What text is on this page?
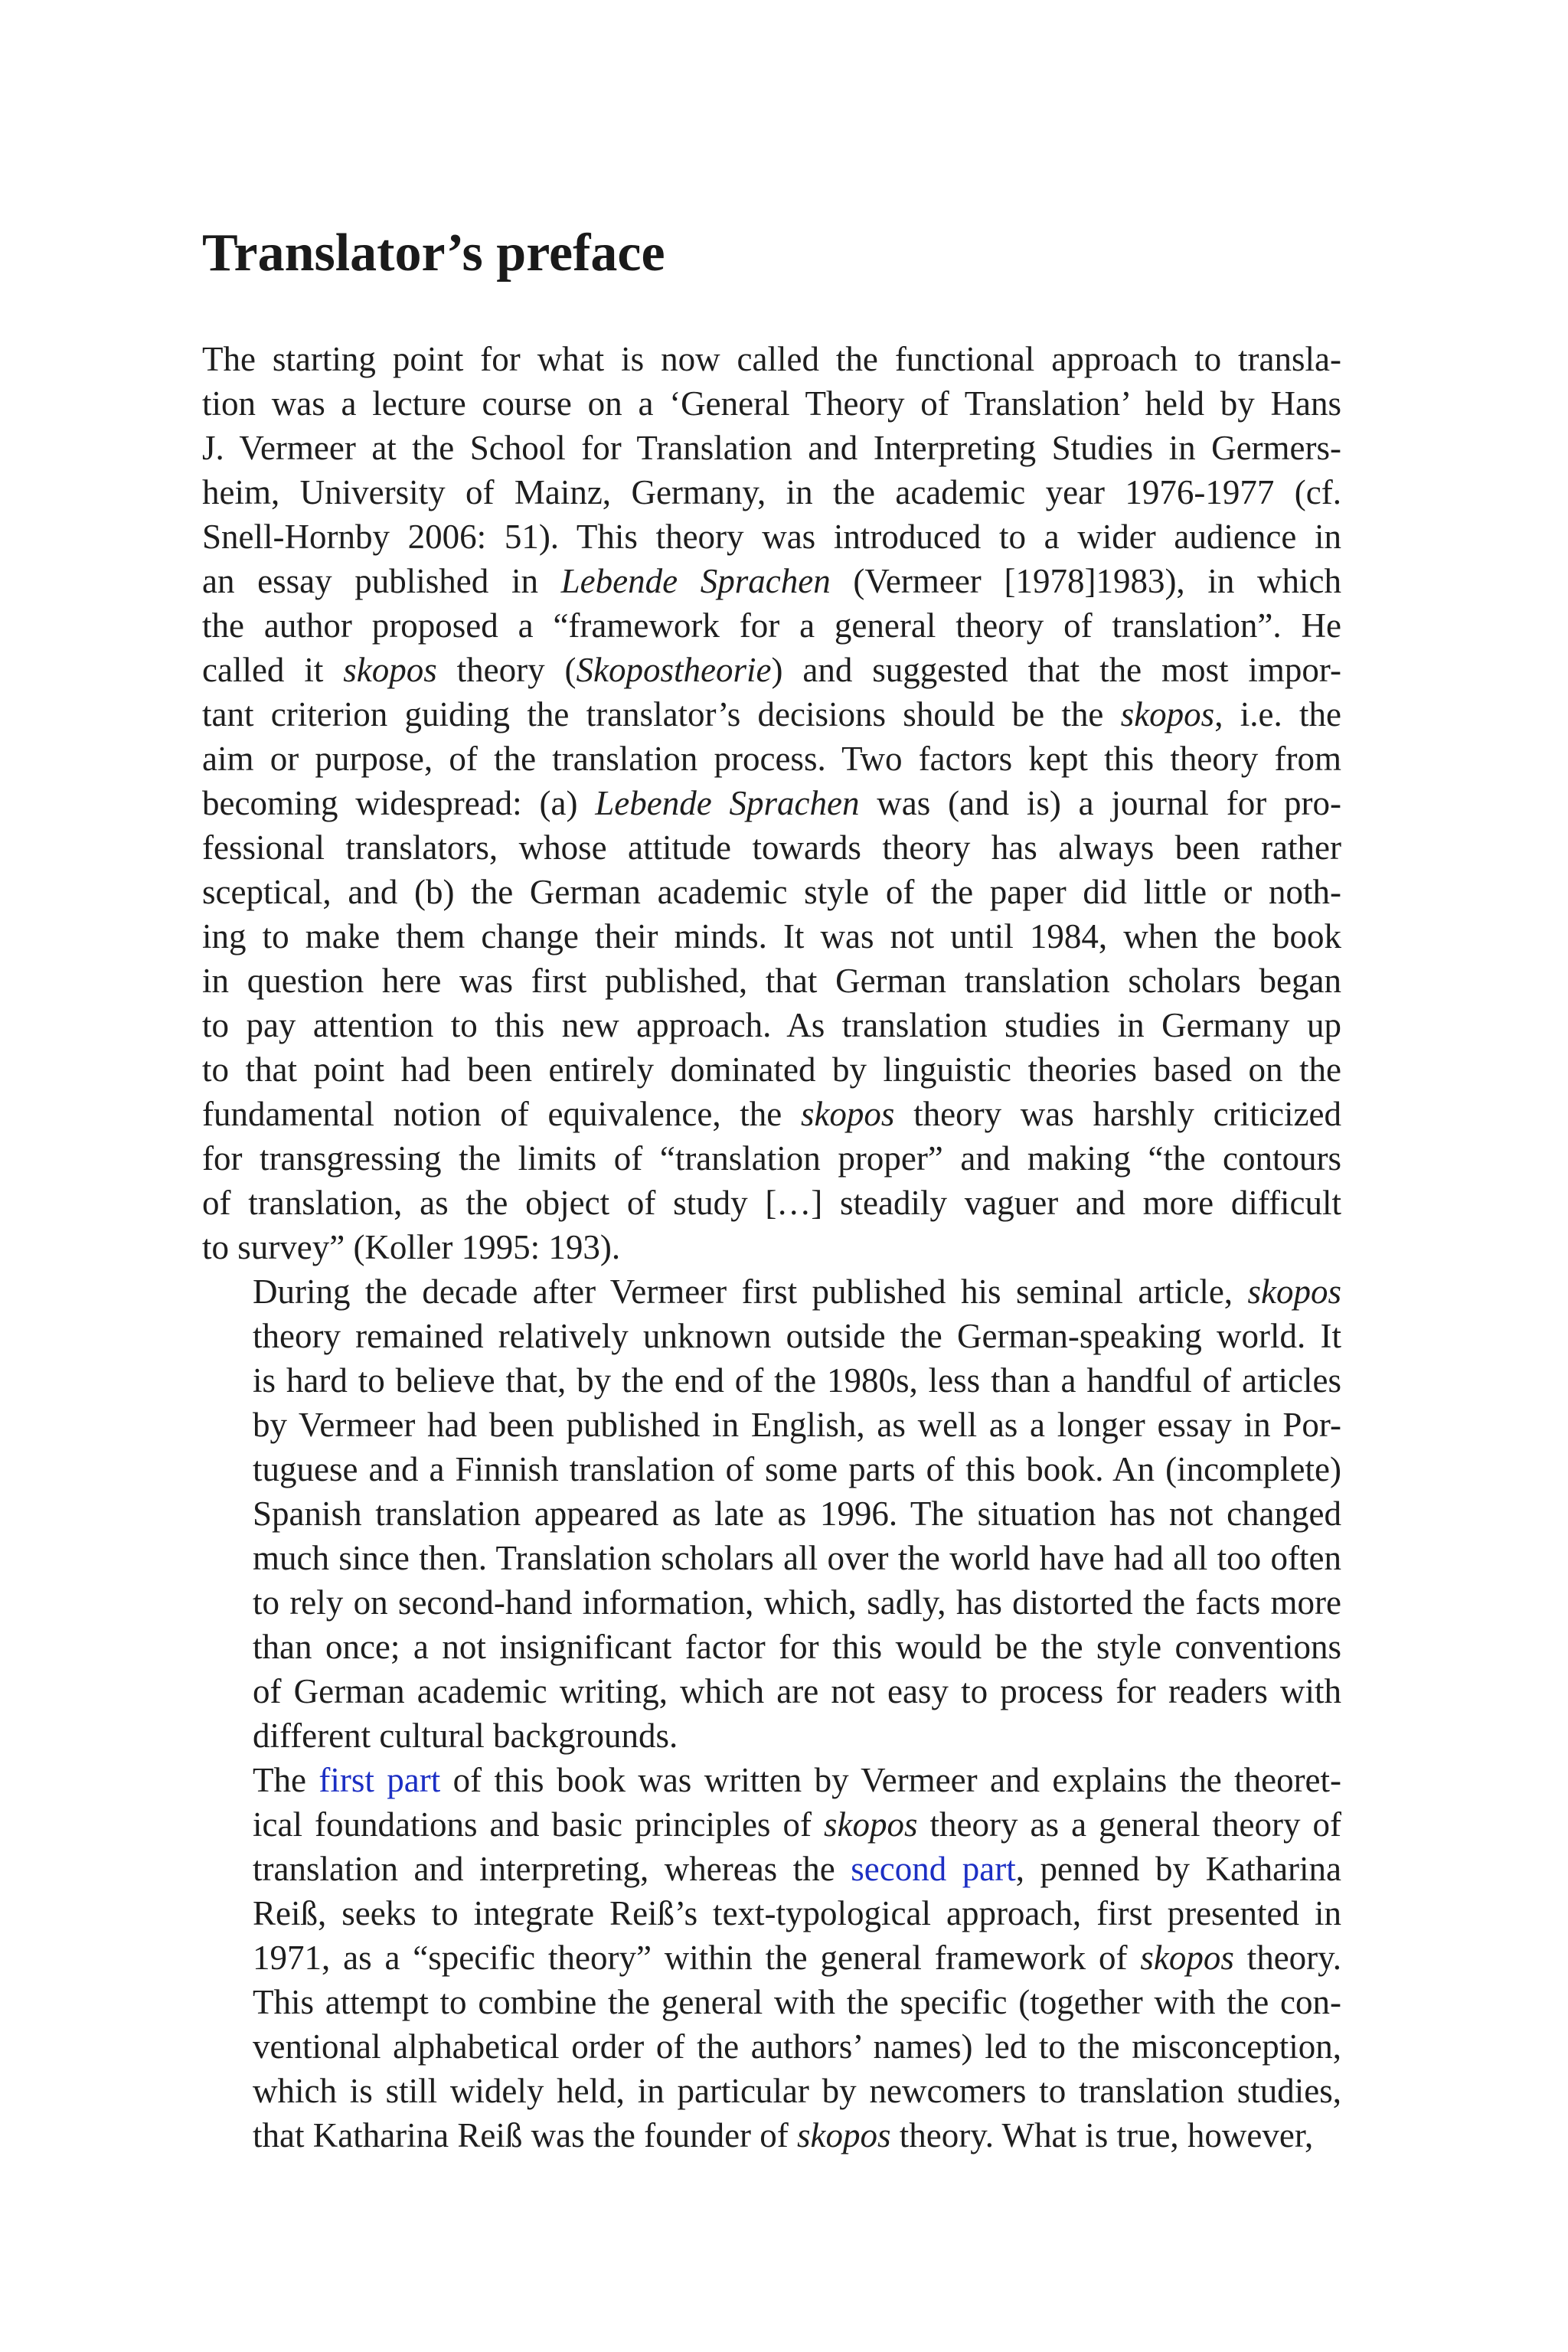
Translator’s preface

The starting point for what is now called the functional approach to transla-
tion was a lecture course on a ‘General Theory of Translation’ held by Hans
J. Vermeer at the School for Translation and Interpreting Studies in Germers-
heim, University of Mainz, Germany, in the academic year 1976-1977 (cf.
Snell-Hornby 2006: 51). This theory was introduced to a wider audience in
an essay published in Lebende Sprachen (Vermeer [1978]1983), in which
the author proposed a “framework for a general theory of translation”. He
called it skopos theory (Skopostheorie) and suggested that the most impor-
tant criterion guiding the translator’s decisions should be the skopos, i.e. the
aim or purpose, of the translation process. Two factors kept this theory from
becoming widespread: (a) Lebende Sprachen was (and is) a journal for pro-
fessional translators, whose attitude towards theory has always been rather
sceptical, and (b) the German academic style of the paper did little or noth-
ing to make them change their minds. It was not until 1984, when the book
in question here was first published, that German translation scholars began
to pay attention to this new approach. As translation studies in Germany up
to that point had been entirely dominated by linguistic theories based on the
fundamental notion of equivalence, the skopos theory was harshly criticized
for transgressing the limits of “translation proper” and making “the contours
of translation, as the object of study […] steadily vaguer and more difficult
to survey” (Koller 1995: 193).

During the decade after Vermeer first published his seminal article, skopos
theory remained relatively unknown outside the German-speaking world. It
is hard to believe that, by the end of the 1980s, less than a handful of articles
by Vermeer had been published in English, as well as a longer essay in Por-
tuguese and a Finnish translation of some parts of this book. An (incomplete)
Spanish translation appeared as late as 1996. The situation has not changed
much since then. Translation scholars all over the world have had all too often
to rely on second-hand information, which, sadly, has distorted the facts more
than once; a not insignificant factor for this would be the style conventions
of German academic writing, which are not easy to process for readers with
different cultural backgrounds.

The first part of this book was written by Vermeer and explains the theoret-
ical foundations and basic principles of skopos theory as a general theory of
translation and interpreting, whereas the second part, penned by Katharina
Reiß, seeks to integrate Reiß’s text-typological approach, first presented in
1971, as a “specific theory” within the general framework of skopos theory.
This attempt to combine the general with the specific (together with the con-
ventional alphabetical order of the authors’ names) led to the misconception,
which is still widely held, in particular by newcomers to translation studies,
that Katharina Reiß was the founder of skopos theory. What is true, however,
